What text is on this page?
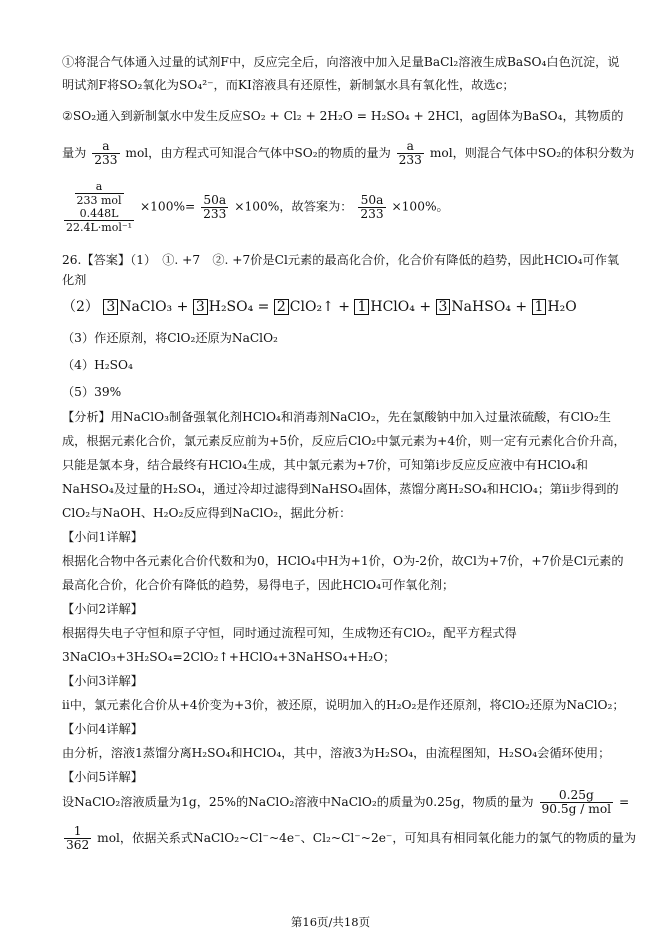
①将混合气体通入过量的试剂F中，反应完全后，向溶液中加入足量BaCl₂溶液生成BaSO₄白色沉淀，说
明试剂F将SO₂氧化为SO₄²⁻，而KI溶液具有还原性，新制氯水具有氧化性，故选c；
②SO₂通入到新制氯水中发生反应SO₂ + Cl₂ + 2H₂O = H₂SO₄ + 2HCl，ag固体为BaSO₄，其物质的
量为 $\frac{a}{233}$ mol，由方程式可知混合气体中SO₂的物质的量为 $\frac{a}{233}$ mol，则混合气体中SO₂的体积分数为
$\frac{a}{\text{233 mol}}$

0.448L
22.4L·mol⁻¹
$\times 100\%= \frac{50a}{233} \times 100\%$，故答案为： $\frac{50a}{233} \times 100\%$。
26.【答案】（1）　①. +7　②. +7价是Cl元素的最高化合价，化合价有降低的趋势，因此HClO₄可作氧
化剂
（2） 3 NaClO₃ + 3 H₂SO₄ = 2 ClO₂↑ + 1 HClO₄ + 3 NaHSO₄ + 1 H₂O
（3）作还原剂，将ClO₂还原为NaClO₂
（4）H₂SO₄
（5）39%
【分析】用NaClO₃制备强氧化剂HClO₄和消毒剂NaClO₂，先在氯酸钠中加入过量浓硫酸，有ClO₂生
成，根据元素化合价，氯元素反应前为+5价，反应后ClO₂中氯元素为+4价，则一定有元素化合价升高，
只能是氯本身，结合最终有HClO₄生成，其中氯元素为+7价，可知第i步反应反应液中有HClO₄和
NaHSO₄及过量的H₂SO₄，通过冷却过滤得到NaHSO₄固体，蒸馏分离H₂SO₄和HClO₄；第ii步得到的
ClO₂与NaOH、H₂O₂反应得到NaClO₂，据此分析：
【小问1详解】
根据化合物中各元素化合价代数和为0，HClO₄中H为+1价，O为-2价，故Cl为+7价，+7价是Cl元素的
最高化合价，化合价有降低的趋势，易得电子，因此HClO₄可作氧化剂；
【小问2详解】
根据得失电子守恒和原子守恒，同时通过流程可知，生成物还有ClO₂，配平方程式得
3NaClO₃+3H₂SO₄=2ClO₂↑+HClO₄+3NaHSO₄+H₂O；
【小问3详解】
ii中，氯元素化合价从+4价变为+3价，被还原，说明加入的H₂O₂是作还原剂，将ClO₂还原为NaClO₂；
【小问4详解】
由分析，溶液1蒸馏分离H₂SO₄和HClO₄，其中，溶液3为H₂SO₄，由流程图知，H₂SO₄会循环使用；
【小问5详解】
设NaClO₂溶液质量为1g，25%的NaClO₂溶液中NaClO₂的质量为0.25g，物质的量为 $\frac{0.25g}{\text{90.5g / mol}}$ =
$\frac{1}{362}$ mol，依据关系式NaClO₂~Cl⁻~4e⁻、Cl₂~Cl⁻~2e⁻，可知具有相同氧化能力的氯气的物质的量为
第16页/共18页
